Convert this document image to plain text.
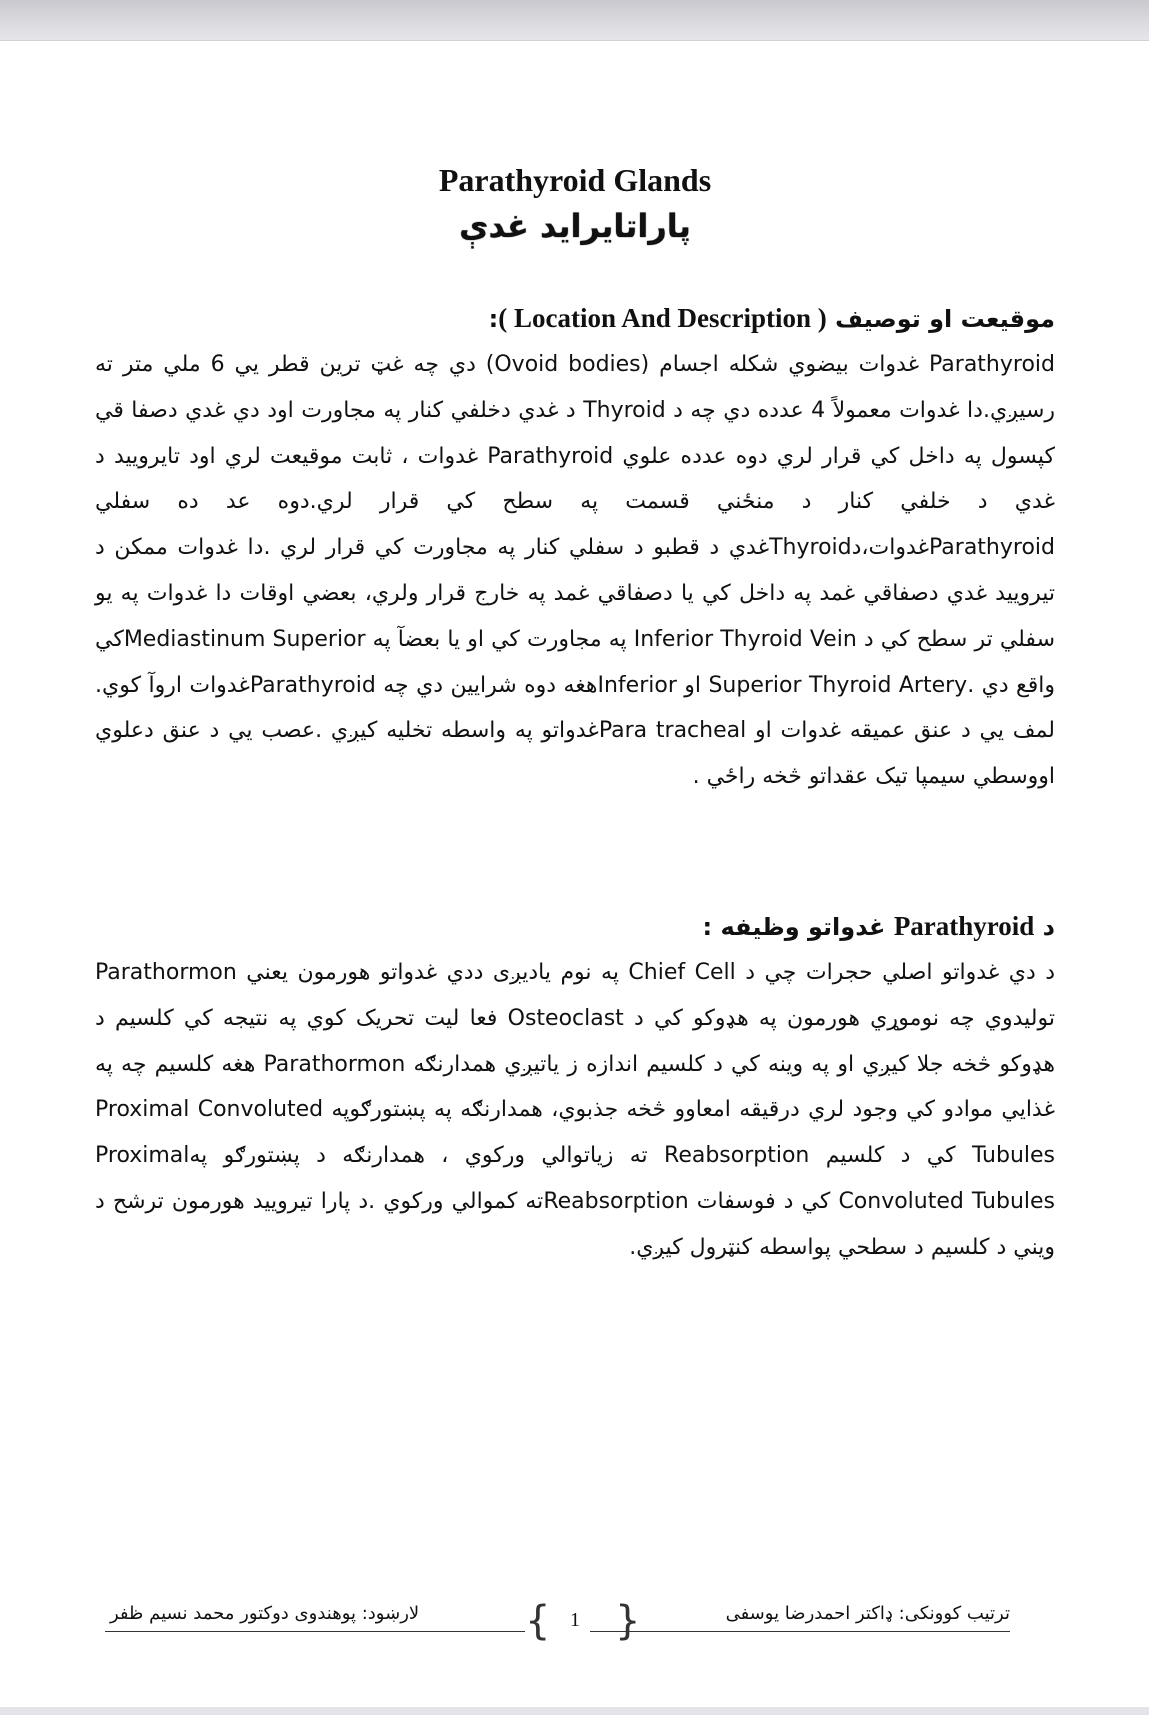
Parathyroid Glands
پاراتایراید غدې
موقیعت او توصیف ( Location And Description ):

Parathyroid غدوات بیضوي شکله اجسام (Ovoid bodies) دي چه غټ ترین قطر یي 6 ملي متر ته رسیږي.دا غدوات معمولاً 4 عدده دي چه د Thyroid د غدي دخلفي کنار په مجاورت اود دي غدي دصفا قي کپسول په داخل کي قرار لري دوه عدده علوي Parathyroid غدوات ، ثابت موقیعت لري اود تایرویید د غدي د خلفي کنار د منځني قسمت په سطح کي قرار لري.دوه عد ده سفلي Parathyroidغدوات،دThyroidغدي د قطبو د سفلي کنار په مجاورت کي قرار لري .دا غدوات ممکن د تیرویید غدي دصفاقي غمد په داخل کي یا دصفاقي غمد په خارج قرار ولري، بعضي اوقات دا غدوات په یو سفلي تر سطح کي د Inferior Thyroid Vein په مجاورت کي او یا بعضآ په Mediastinum Superiorکي واقع دي .Superior Thyroid Artery او Inferiorهغه دوه شرایین دي چه Parathyroidغدوات اروآ کوي. لمف یي د عنق عمیقه غدوات او Para trachealغدواتو په واسطه تخلیه کیږي .عصب یي د عنق دعلوي اووسطي سیمپا تیک عقداتو څخه راځي .

د Parathyroid غدواتو وظیفه :

د دي غدواتو اصلي حجرات چي د Chief Cell په نوم یادیږی ددي غدواتو هورمون یعني Parathormon تولیدوي چه نوموړي هورمون په هډوکو کي د Osteoclast فعا لیت تحریک کوي په نتیجه کي کلسیم د هډوکو څخه جلا کیږي او په وینه کي د کلسیم اندازه ز یاتیږي همدارنګه Parathormon هغه کلسیم چه په غذایي موادو کي وجود لري درقیقه امعاوو څخه جذبوي، همدارنګه په پښتورګوپه Proximal Convoluted Tubules کي د کلسیم Reabsorption ته زیاتوالي ورکوي ، همدارنګه د پښتورګو پهProximal Convoluted Tubules کي د فوسفات Reabsorptionته کموالي ورکوي .د پارا تیرویید هورمون ترشح د ویني د کلسیم د سطحي پواسطه کنټرول کیږي.

لارښود: پوهندوی دوکتور محمد نسیم ظفر	ترتیب کوونکی: ډاکتر احمدرضا یوسفی
{ 1 }
